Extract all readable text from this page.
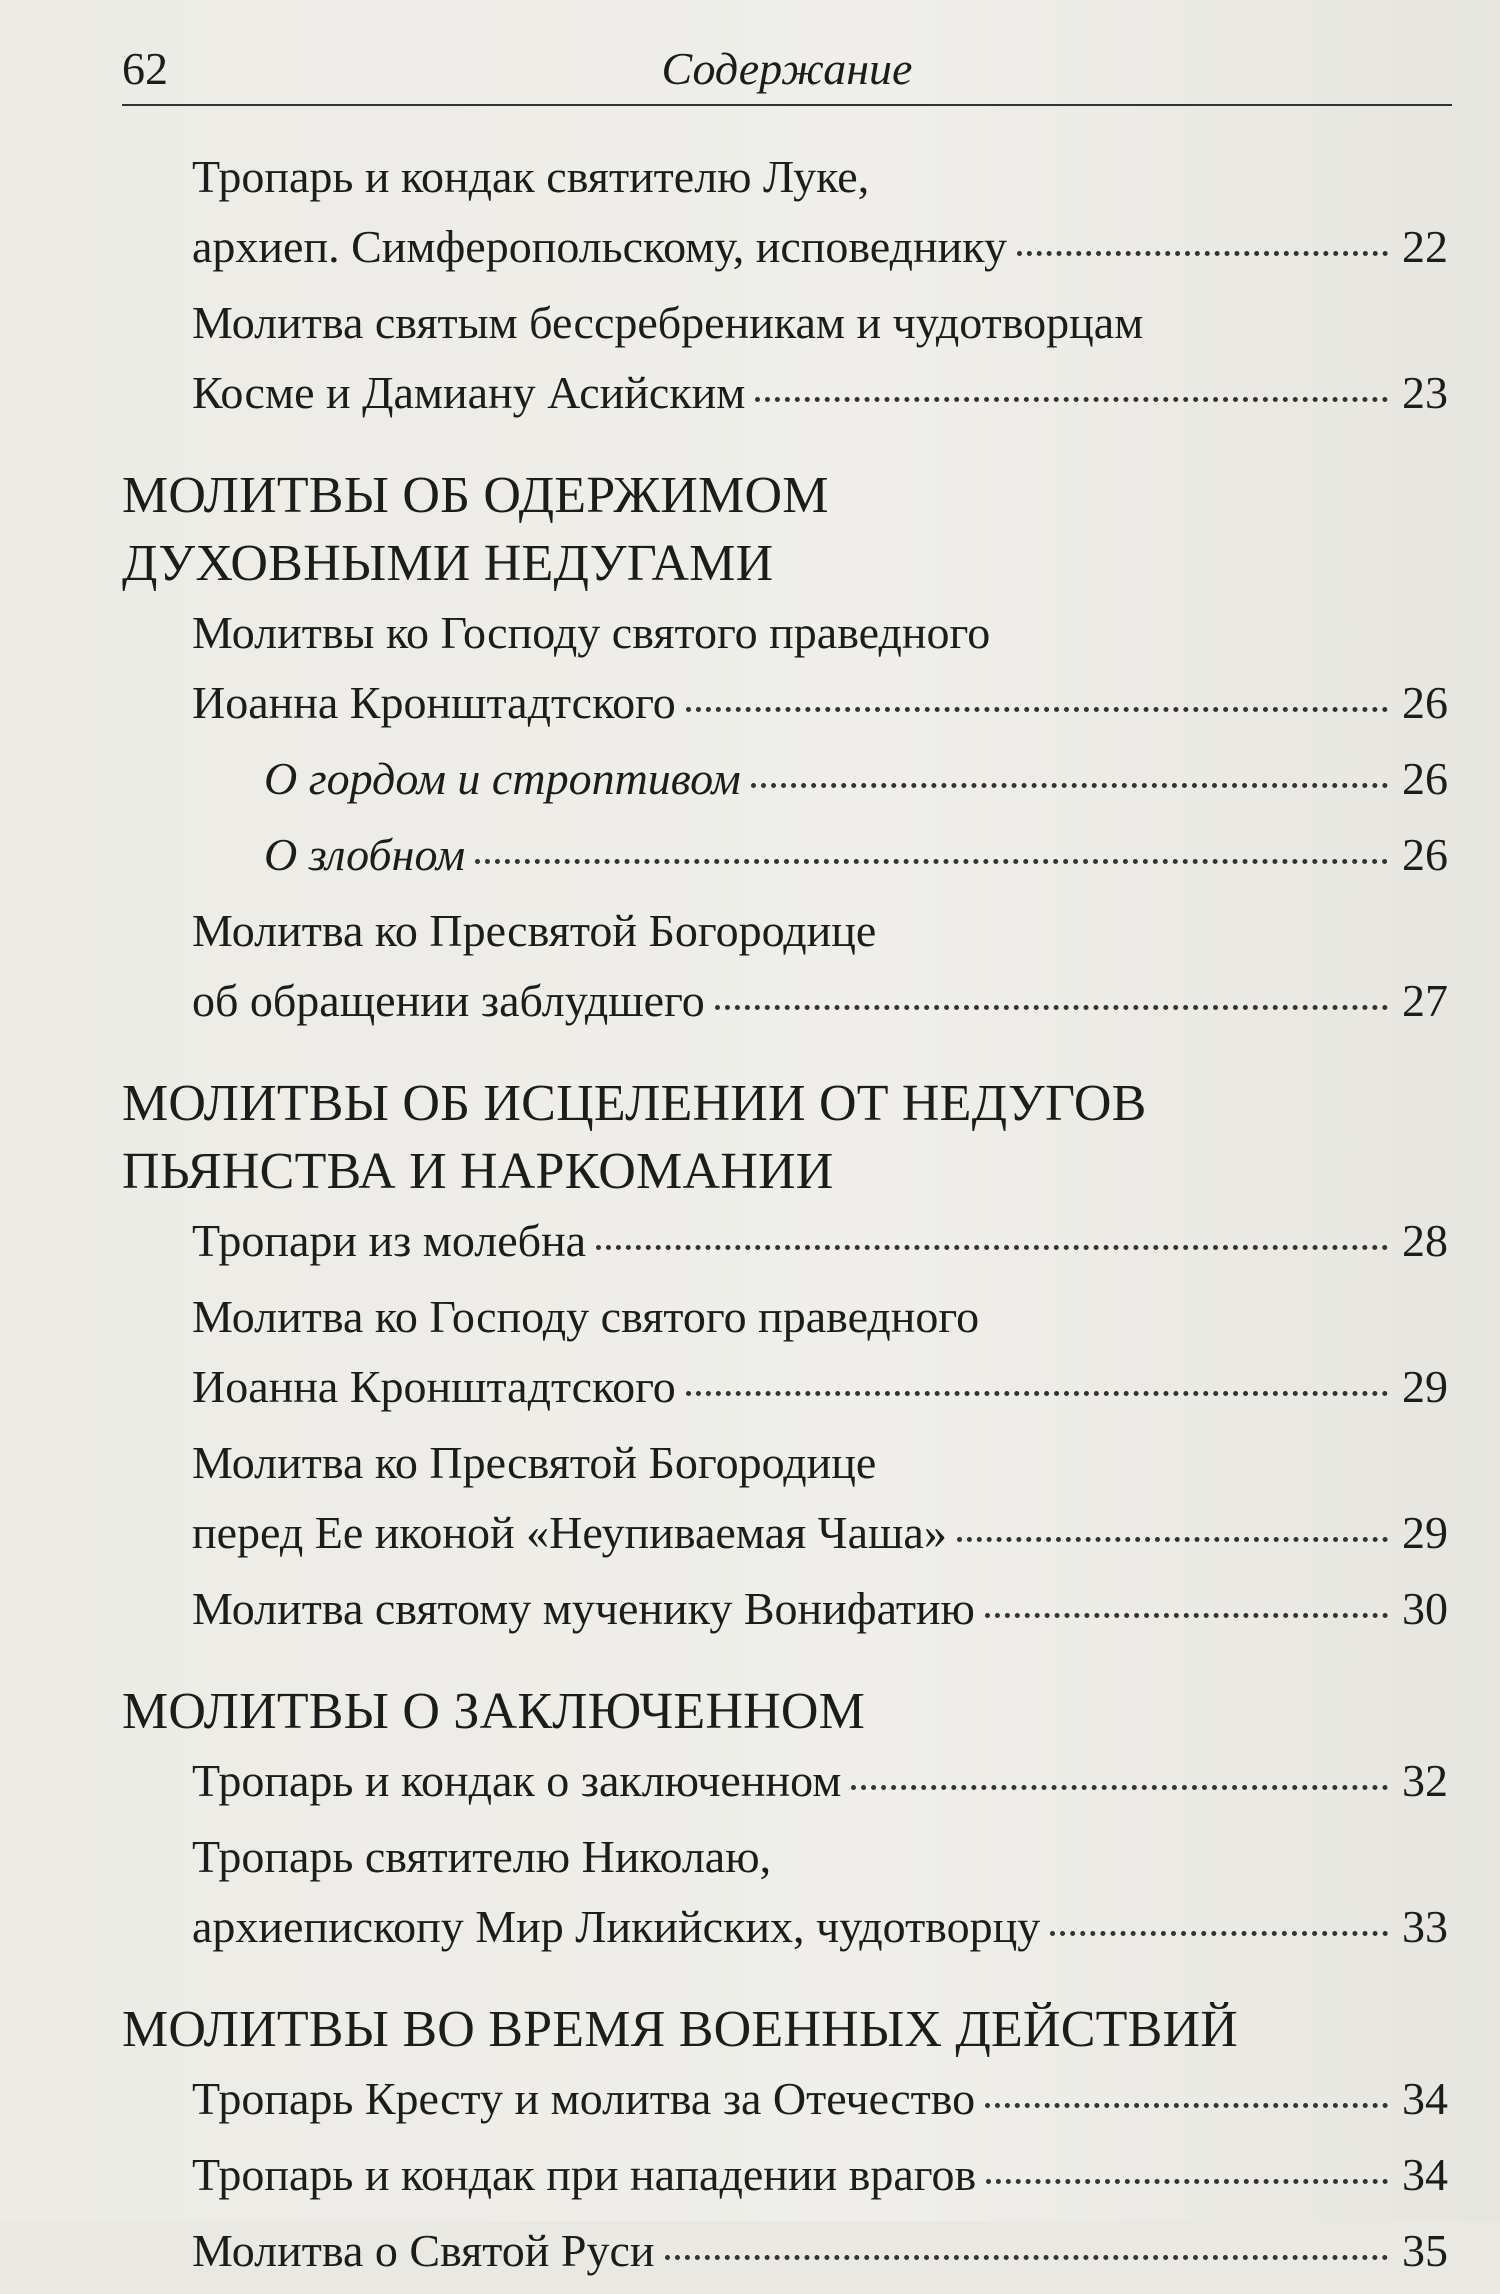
62	Содержание
Тропарь и кондак святителю Луке,
архиеп. Симферопольскому, исповеднику	22
Молитва святым бессребреникам и чудотворцам
Косме и Дамиану Асийским	23
МОЛИТВЫ ОБ ОДЕРЖИМОМ
ДУХОВНЫМИ НЕДУГАМИ
Молитвы ко Господу святого праведного
Иоанна Кронштадтского	26
О гордом и строптивом	26
О злобном	26
Молитва ко Пресвятой Богородице
об обращении заблудшего	27
МОЛИТВЫ ОБ ИСЦЕЛЕНИИ ОТ НЕДУГОВ
ПЬЯНСТВА И НАРКОМАНИИ
Тропари из молебна	28
Молитва ко Господу святого праведного
Иоанна Кронштадтского	29
Молитва ко Пресвятой Богородице
перед Ее иконой «Неупиваемая Чаша»	29
Молитва святому мученику Вонифатию	30
МОЛИТВЫ О ЗАКЛЮЧЕННОМ
Тропарь и кондак о заключенном	32
Тропарь святителю Николаю,
архиепископу Мир Ликийских, чудотворцу	33
МОЛИТВЫ ВО ВРЕМЯ ВОЕННЫХ ДЕЙСТВИЙ
Тропарь Кресту и молитва за Отечество	34
Тропарь и кондак при нападении врагов	34
Молитва о Святой Руси	35
